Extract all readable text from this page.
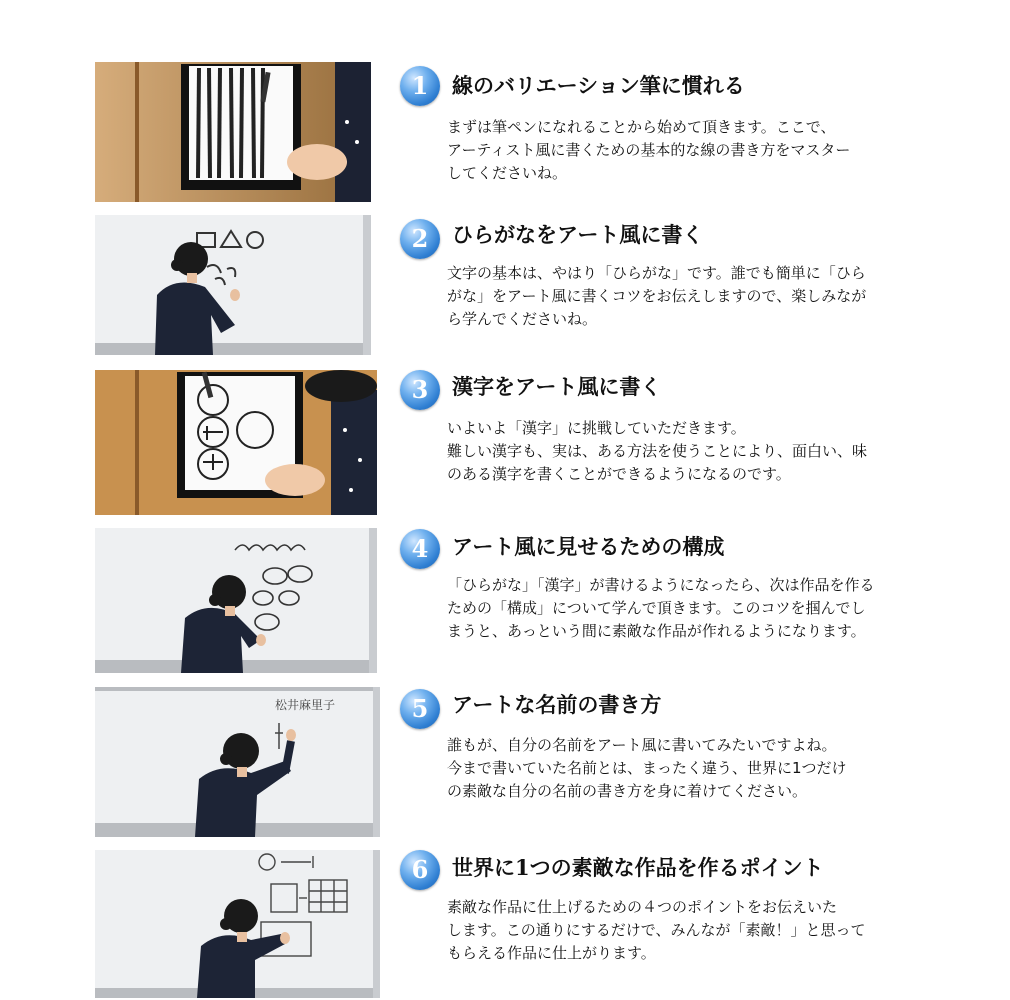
1	線のバリエーション筆に慣れる
まずは筆ペンになれることから始めて頂きます。ここで、
アーティスト風に書くための基本的な線の書き方をマスター
してくださいね。
2	ひらがなをアート風に書く
文字の基本は、やはり「ひらがな」です。誰でも簡単に「ひら
がな」をアート風に書くコツをお伝えしますので、楽しみなが
ら学んでくださいね。
3	漢字をアート風に書く
いよいよ「漢字」に挑戦していただきます。
難しい漢字も、実は、ある方法を使うことにより、面白い、味
のある漢字を書くことができるようになるのです。
4	アート風に見せるための構成
「ひらがな」「漢字」が書けるようになったら、次は作品を作る
ための「構成」について学んで頂きます。このコツを掴んでし
まうと、あっという間に素敵な作品が作れるようになります。
松井麻里子	5	アートな名前の書き方
誰もが、自分の名前をアート風に書いてみたいですよね。
今まで書いていた名前とは、まったく違う、世界に1つだけ
の素敵な自分の名前の書き方を身に着けてください。
6	世界に1つの素敵な作品を作るポイント
素敵な作品に仕上げるための４つのポイントをお伝えいた
します。この通りにするだけで、みんなが「素敵！」と思って
もらえる作品に仕上がります。
